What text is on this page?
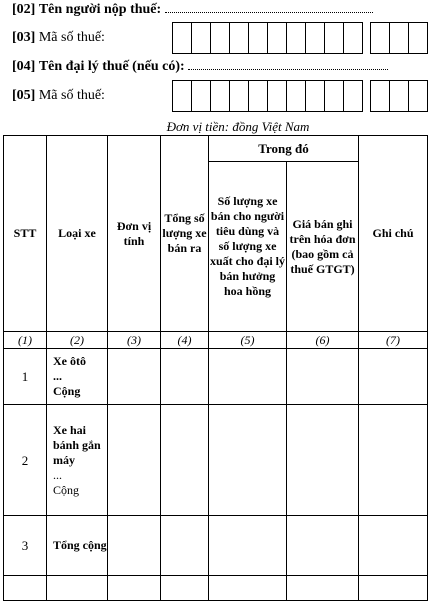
[02] Tên người nộp thuế:
[03] Mã số thuế:
[04] Tên đại lý thuế (nếu có):
[05] Mã số thuế:
Đơn vị tiền: đồng Việt Nam
STT	Loại xe	Đơn vị tính	Tổng số lượng xe bán ra	Trong đó		Ghi chú
				Số lượng xe bán cho người tiêu dùng và số lượng xe xuất cho đại lý bán hưởng hoa hồng	Giá bán ghi trên hóa đơn (bao gồm cả thuế GTGT)	
(1)	(2)	(3)	(4)	(5)	(6)	(7)
1	Xe ôtô
...
Cộng					

2	Xe hai bánh gắn máy
...
Cộng					

3	Tổng cộng					
